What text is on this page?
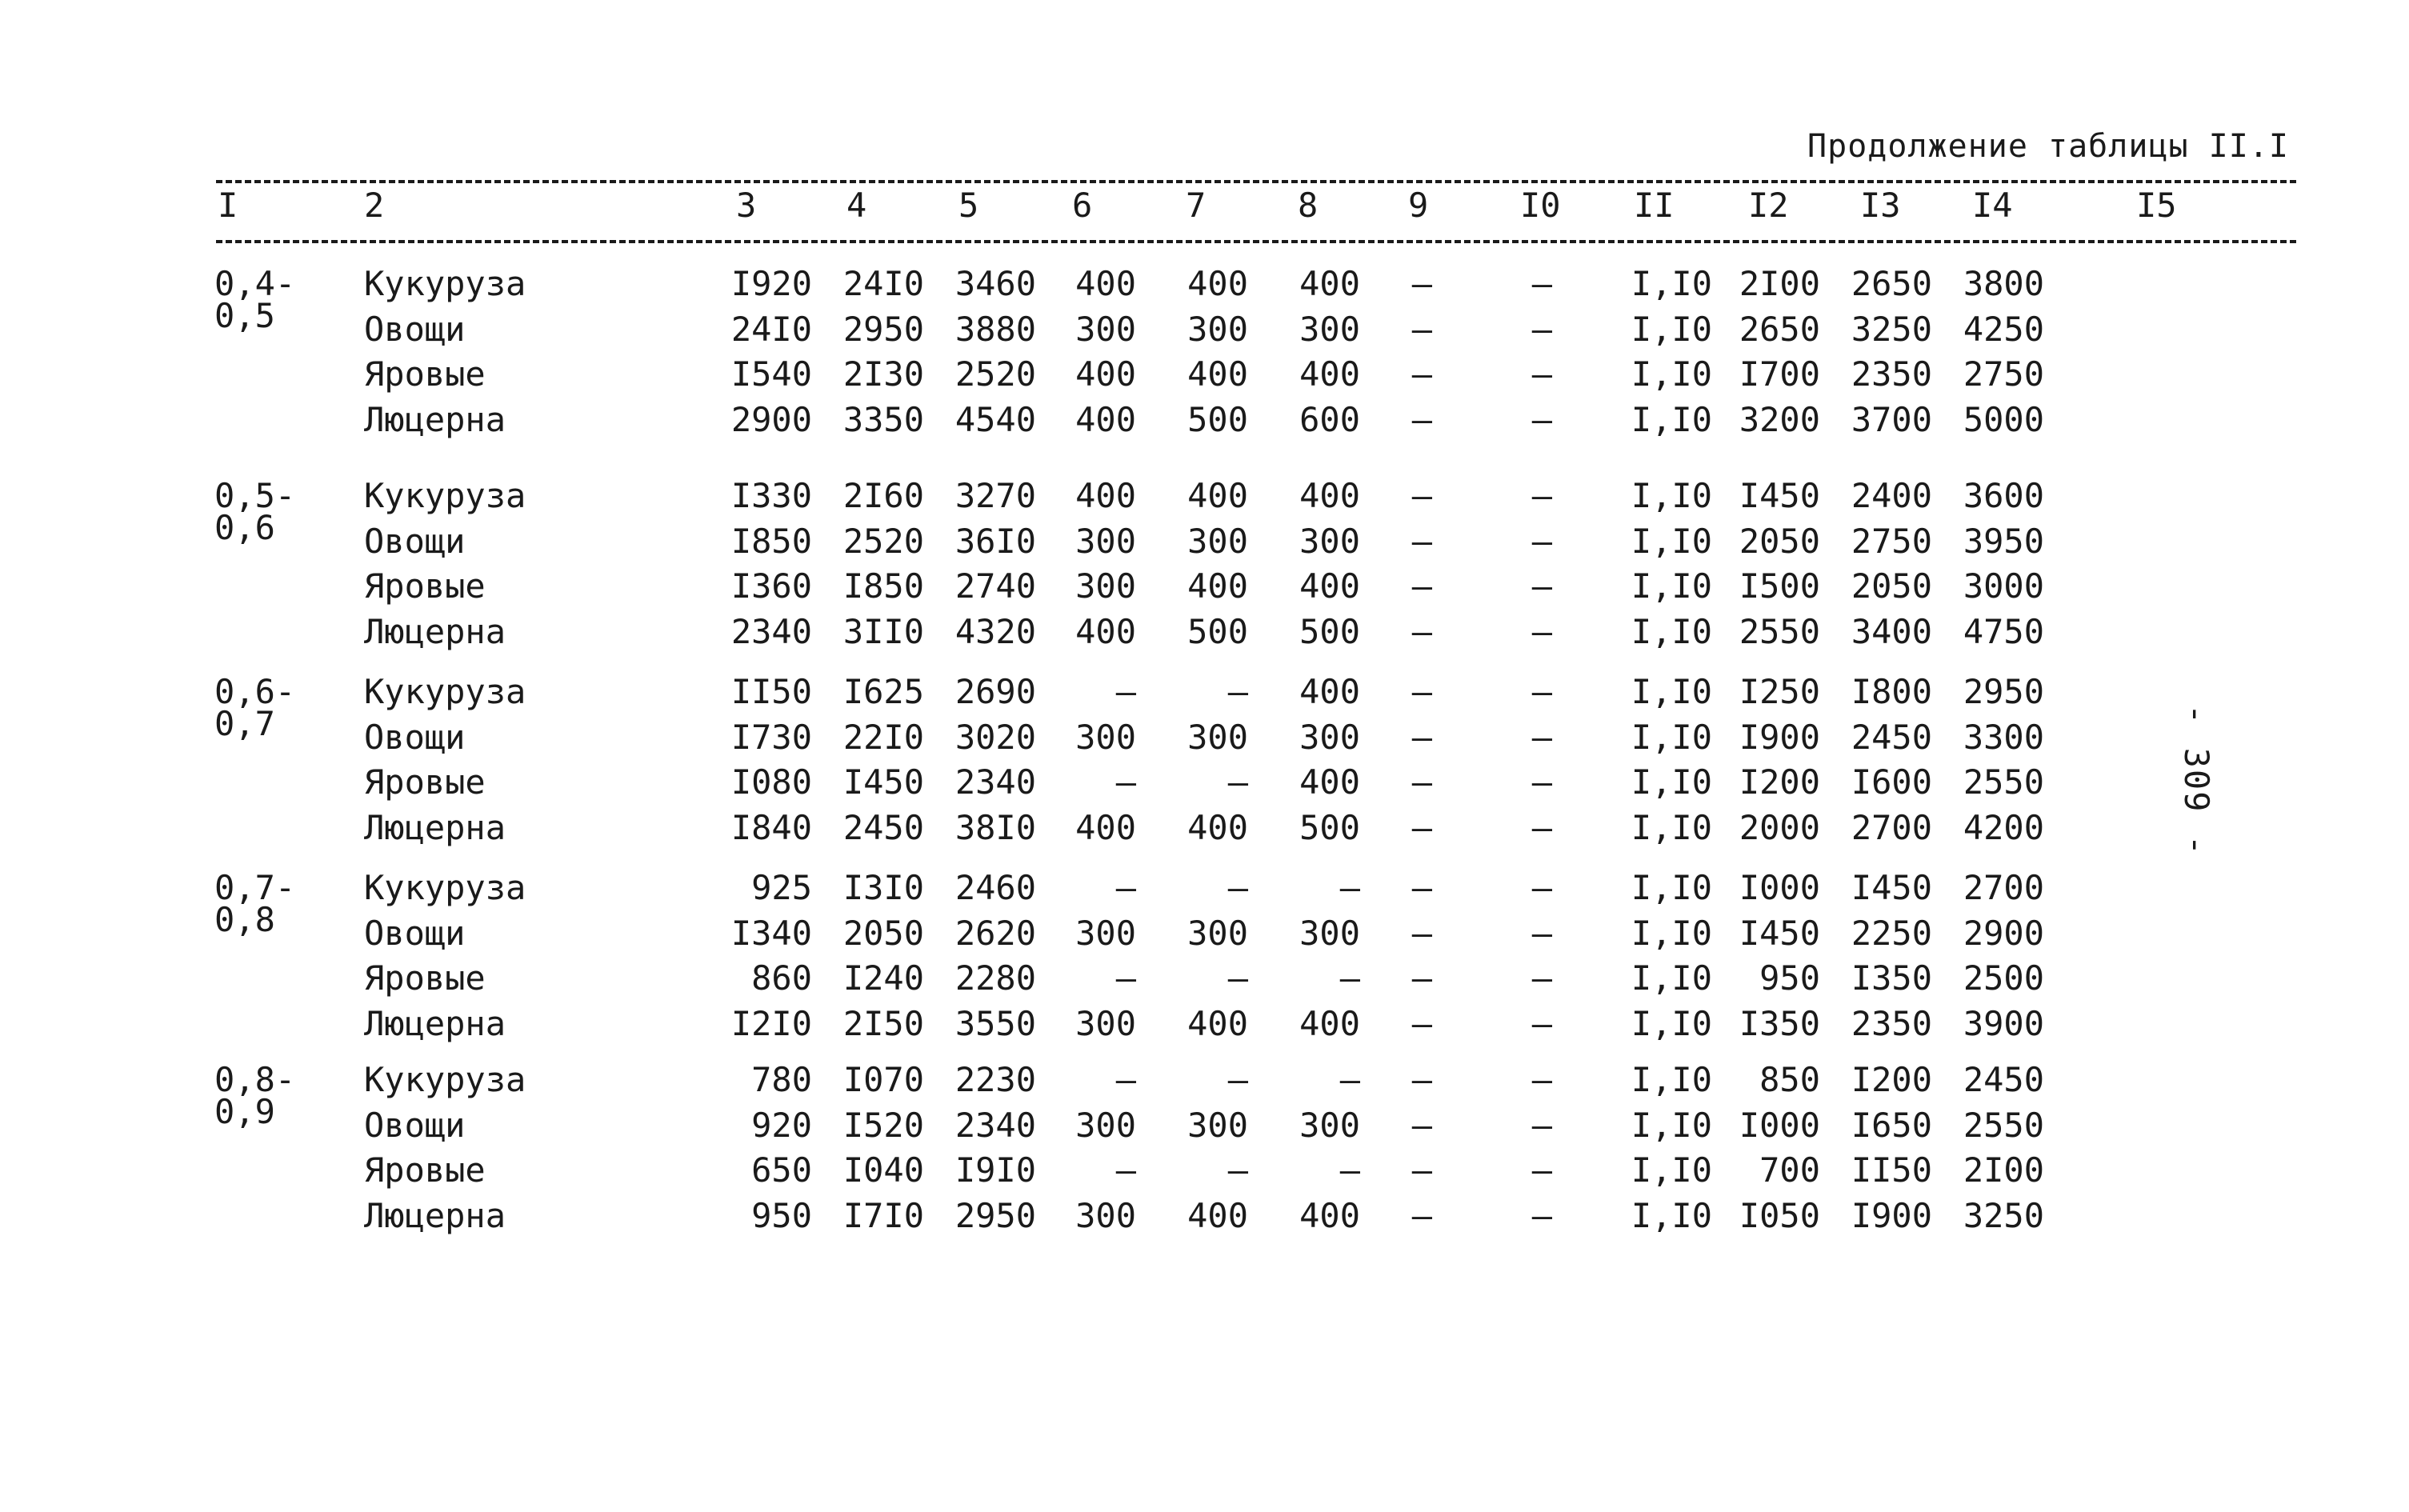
Продолжение таблицы II.I
I	2	3	4	5	6	7	8	9	I0 II I2 I3 I4	I5
0,4-
0,5
Кукуруза	I920 24I0 3460 400 400 400 –	– I,I0 2I00 2650 3800
Овощи	24I0 2950 3880 300 300 300 –	– I,I0 2650 3250 4250
Яровые	I540 2I30 2520 400 400 400 –	– I,I0 I700 2350 2750
Люцерна	2900 3350 4540 400 500 600 –	– I,I0 3200 3700 5000
0,5-
0,6
Кукуруза	I330 2I60 3270 400 400 400 –	– I,I0 I450 2400 3600
Овощи	I850 2520 36I0 300 300 300 –	– I,I0 2050 2750 3950
Яровые	I360 I850 2740 300 400 400 –	– I,I0 I500 2050 3000
Люцерна	2340 3II0 4320 400 500 500 –	– I,I0 2550 3400 4750
0,6-
0,7
Кукуруза	II50 I625 2690 –	– 400 –	– I,I0 I250 I800 2950
Овощи	I730 22I0 3020 300 300 300 –	– I,I0 I900 2450 3300
Яровые	I080 I450 2340 –	– 400 –	– I,I0 I200 I600 2550
Люцерна	I840 2450 38I0 400 400 500 –	– I,I0 2000 2700 4200
0,7-
0,8
Кукуруза	925 I3I0 2460 –	–	– –	– I,I0 I000 I450 2700
Овощи	I340 2050 2620 300 300 300 –	– I,I0 I450 2250 2900
Яровые	860 I240 2280 –	–	– –	– I,I0 950 I350 2500
Люцерна	I2I0 2I50 3550 300 400 400 –	– I,I0 I350 2350 3900
0,8-
0,9
Кукуруза	780 I070 2230 –	–	– –	– I,I0 850 I200 2450
Овощи	920 I520 2340 300 300 300 –	– I,I0 I000 I650 2550
Яровые	650 I040 I9I0 –	–	– –	– I,I0 700 II50 2I00
Люцерна	950 I7I0 2950 300 400 400 –	– I,I0 I050 I900 3250
- 309 -
